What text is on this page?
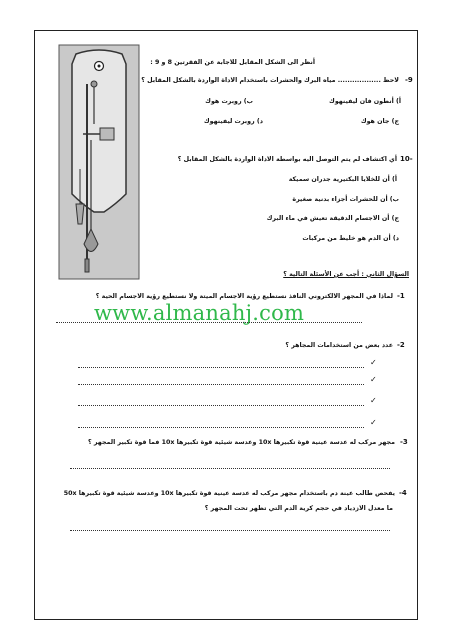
أنظر الى الشكل المقابل للاجابة عن الفقرتين 8 و 9 :
-9
لاحظ .................. مياه البرك والحشرات باستخدام الاداة الواردة بالشكل المقابل ؟
أ) أنطون فان ليفينهوك
ب) روبرت هوك
ج) جان هوك
د) روبرت ليفينهوك
10-
أي اكتشاف لم يتم التوصل اليه بواسطة الاداة الواردة بالشكل المقابل ؟
أ) أن للخلايا البكتيرية جدران سميكة
ب) أن للحشرات أجزاء بدنية صغيرة
ج) أن الاجسام الدقيقة تعيش في ماء البرك
د) أن الدم هو خليط من مركبات
السؤال الثاني : أجب عن الأسئلة التالية ؟
-1
لماذا في المجهر الالكتروني النافذ نستطيع رؤية الاجسام الميتة ولا نستطيع رؤية الاجسام الحية ؟
www.almanahj.com
-2
عدد بعض من استخدامات المجاهر ؟
✓
✓
✓
✓
-3
مجهر مركب له عدسة عينية قوة تكبيرها 10x وعدسة شيئية قوة تكبيرها 10x فما قوة تكبير المجهر ؟
-4
يفحص طالب عينة دم باستخدام مجهر مركب له عدسة عينية قوة تكبيرها 10x وعدسة شيئية قوة تكبيرها 50x
ما معدل الازدياد في حجم كرية الدم التي تظهر تحت المجهر ؟
